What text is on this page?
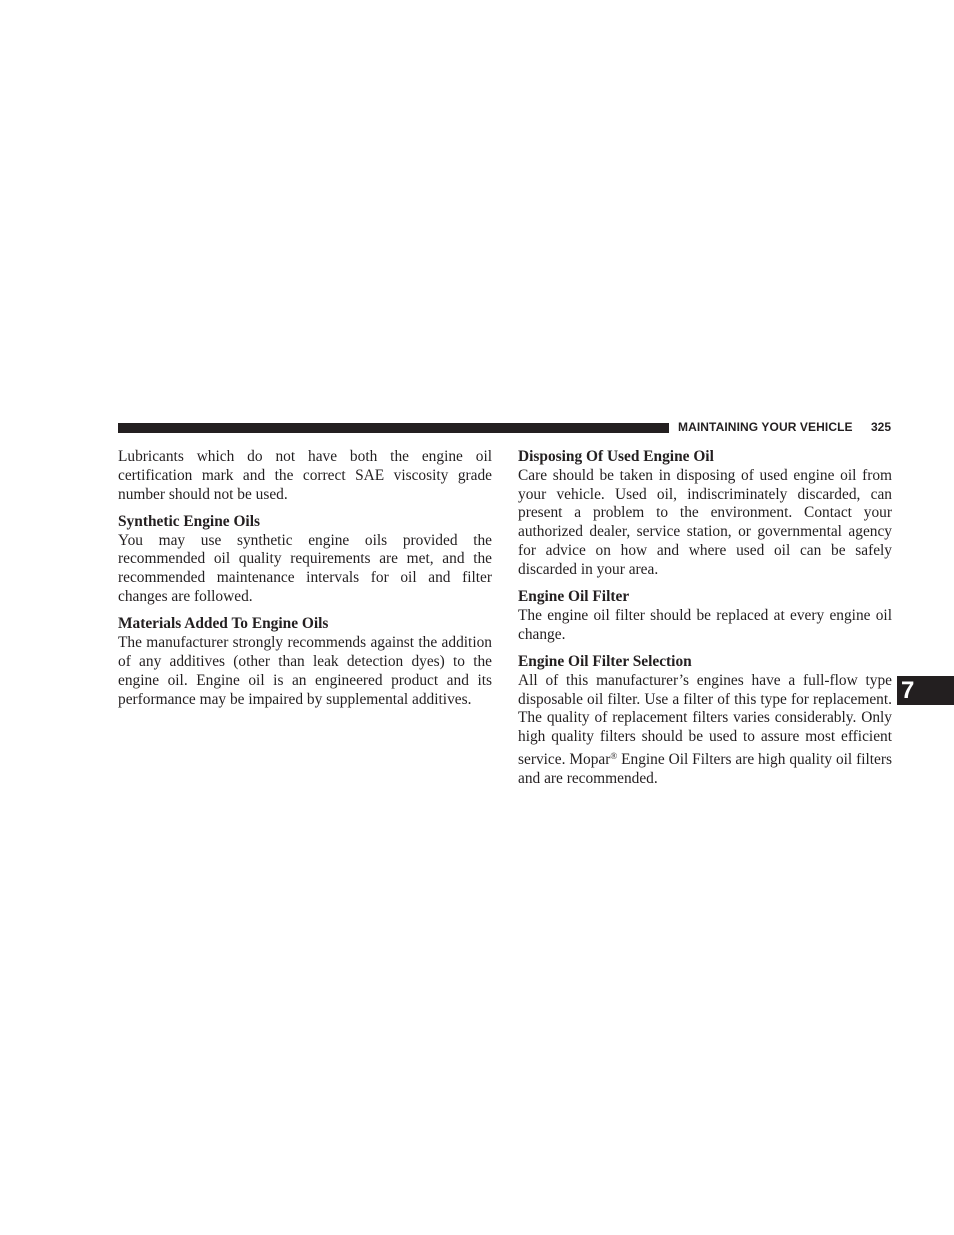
MAINTAINING YOUR VEHICLE 325

Lubricants which do not have both the engine oil certification mark and the correct SAE viscosity grade number should not be used.

Synthetic Engine Oils

You may use synthetic engine oils provided the recommended oil quality requirements are met, and the recommended maintenance intervals for oil and filter changes are followed.

Materials Added To Engine Oils

The manufacturer strongly recommends against the addition of any additives (other than leak detection dyes) to the engine oil. Engine oil is an engineered product and its performance may be impaired by supplemental additives.

Disposing Of Used Engine Oil

Care should be taken in disposing of used engine oil from your vehicle. Used oil, indiscriminately discarded, can present a problem to the environment. Contact your authorized dealer, service station, or governmental agency for advice on how and where used oil can be safely discarded in your area.

Engine Oil Filter

The engine oil filter should be replaced at every engine oil change.

Engine Oil Filter Selection

All of this manufacturer’s engines have a full-flow type disposable oil filter. Use a filter of this type for replacement. The quality of replacement filters varies considerably. Only high quality filters should be used to assure most efficient service. Mopar® Engine Oil Filters are high quality oil filters and are recommended.

7
